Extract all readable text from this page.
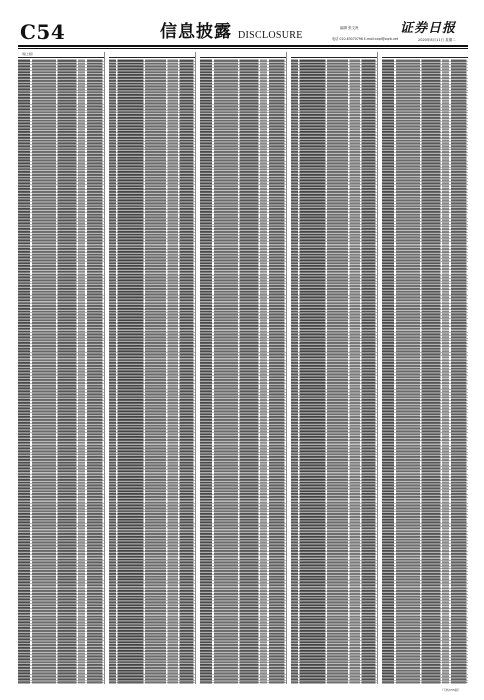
C54	信息披露 DISCLOSURE
编辑 张文贵
电话 010-63070798 E-mail:xxpl@zqrb.net
证券日报
2020年8月11日 星期二
（续上版）
（下转C55版）
